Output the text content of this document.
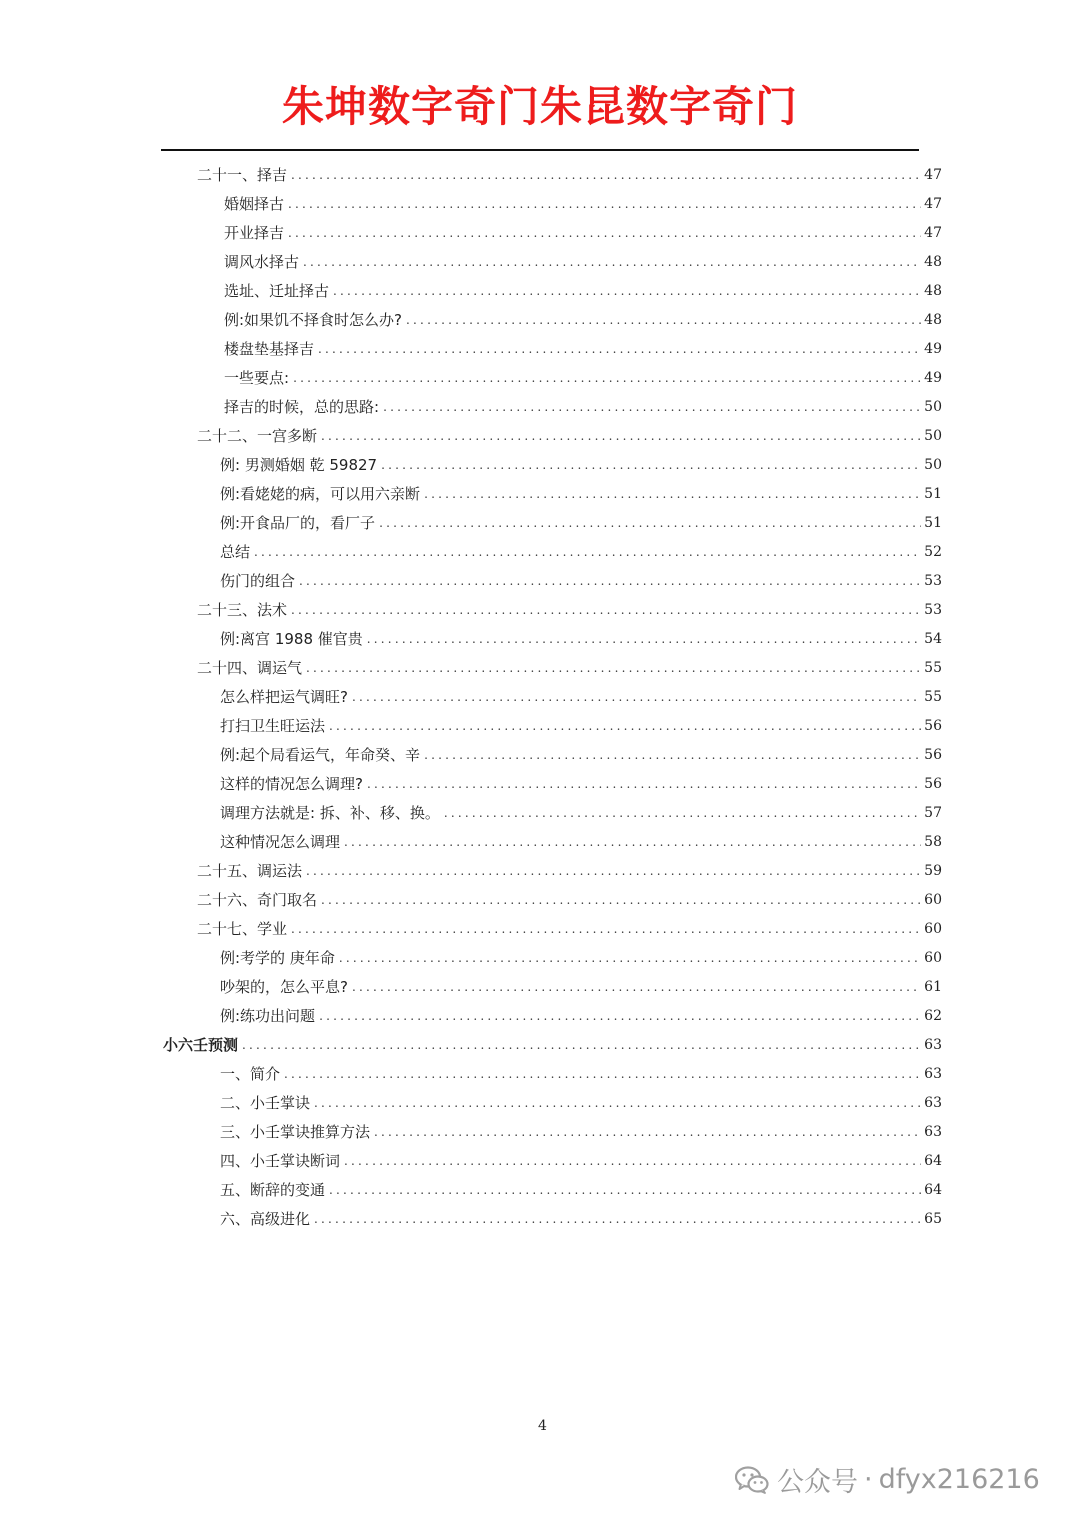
朱坤数字奇门朱昆数字奇门
二十一、择吉 .....	47
婚姻择古 .....	47
开业择吉 .....	47
调风水择古 .....	48
选址、迁址择古 .....	48
例:如果饥不择食时怎么办? .....	48
楼盘垫基择吉 .....	49
一些要点: .....	49
择吉的时候，总的思路: .....	50
二十二、一宫多断 .....	50
例: 男测婚姻 乾 59827 .....	50
例:看姥姥的病，可以用六亲断 .....	51
例:开食品厂的，看厂子 .....	51
总结 .....	52
伤门的组合 .....	53
二十三、法术 .....	53
例:离宫 1988 催官贵 .....	54
二十四、调运气 .....	55
怎么样把运气调旺? .....	55
打扫卫生旺运法 .....	56
例:起个局看运气，年命癸、辛 .....	56
这样的情况怎么调理? .....	56
调理方法就是: 拆、补、移、换。 .....	57
这种情况怎么调理 .....	58
二十五、调运法 .....	59
二十六、奇门取名 .....	60
二十七、学业 .....	60
例:考学的 庚年命 .....	60
吵架的，怎么平息? .....	61
例:练功出问题 .....	62
小六壬预测 .....	63
一、简介 .....	63
二、小壬掌诀 .....	63
三、小壬掌诀推算方法 .....	63
四、小壬掌诀断词 .....	64
五、断辞的变通 .....	64
六、高级进化 .....	65
4
公众号 · dfyx216216
